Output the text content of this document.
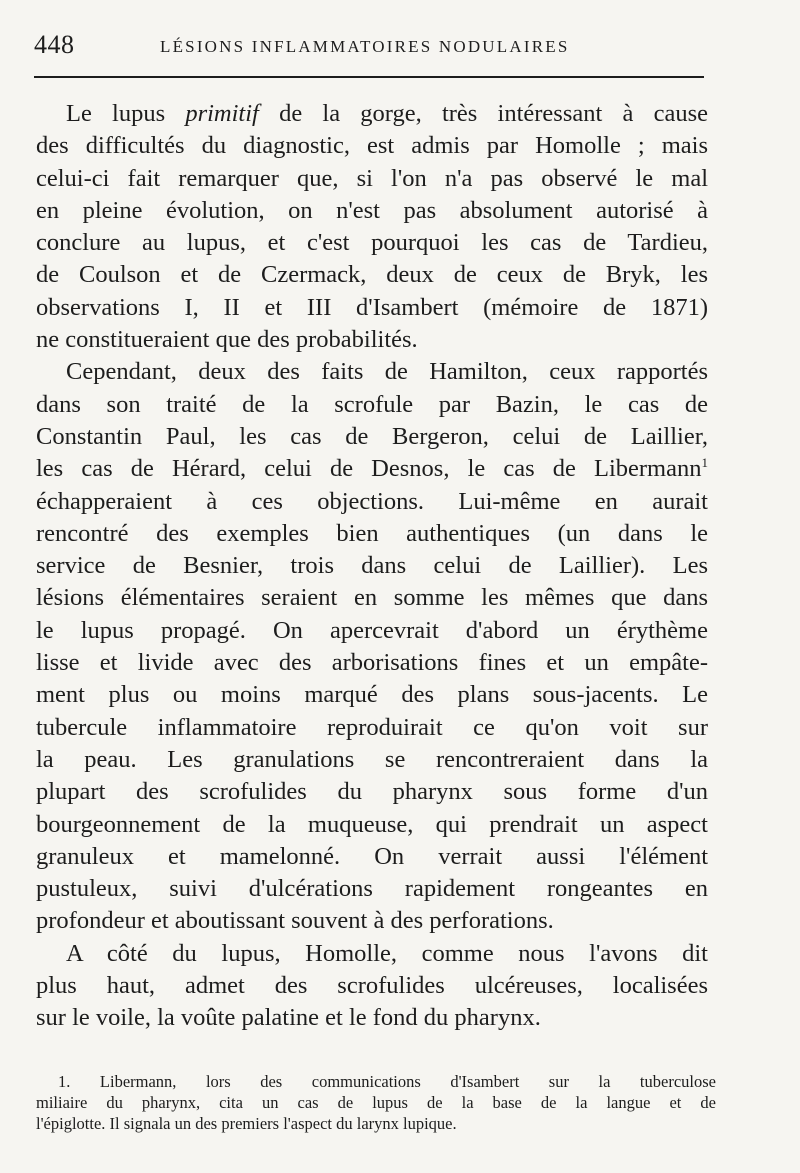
448	LÉSIONS INFLAMMATOIRES NODULAIRES
Le lupus primitif de la gorge, très intéressant à cause
des difficultés du diagnostic, est admis par Homolle ; mais
celui-ci fait remarquer que, si l'on n'a pas observé le mal
en pleine évolution, on n'est pas absolument autorisé à
conclure au lupus, et c'est pourquoi les cas de Tardieu,
de Coulson et de Czermack, deux de ceux de Bryk, les
observations I, II et III d'Isambert (mémoire de 1871)
ne constitueraient que des probabilités.
Cependant, deux des faits de Hamilton, ceux rapportés
dans son traité de la scrofule par Bazin, le cas de
Constantin Paul, les cas de Bergeron, celui de Laillier,
les cas de Hérard, celui de Desnos, le cas de Libermann$^1$
échapperaient à ces objections. Lui-même en aurait
rencontré des exemples bien authentiques (un dans le
service de Besnier, trois dans celui de Laillier). Les
lésions élémentaires seraient en somme les mêmes que dans
le lupus propagé. On apercevrait d'abord un érythème
lisse et livide avec des arborisations fines et un empâte-
ment plus ou moins marqué des plans sous-jacents. Le
tubercule inflammatoire reproduirait ce qu'on voit sur
la peau. Les granulations se rencontreraient dans la
plupart des scrofulides du pharynx sous forme d'un
bourgeonnement de la muqueuse, qui prendrait un aspect
granuleux et mamelonné. On verrait aussi l'élément
pustuleux, suivi d'ulcérations rapidement rongeantes en
profondeur et aboutissant souvent à des perforations.
A côté du lupus, Homolle, comme nous l'avons dit
plus haut, admet des scrofulides ulcéreuses, localisées
sur le voile, la voûte palatine et le fond du pharynx.
1. Libermann, lors des communications d'Isambert sur la tuberculose
miliaire du pharynx, cita un cas de lupus de la base de la langue et de
l'épiglotte. Il signala un des premiers l'aspect du larynx lupique.
